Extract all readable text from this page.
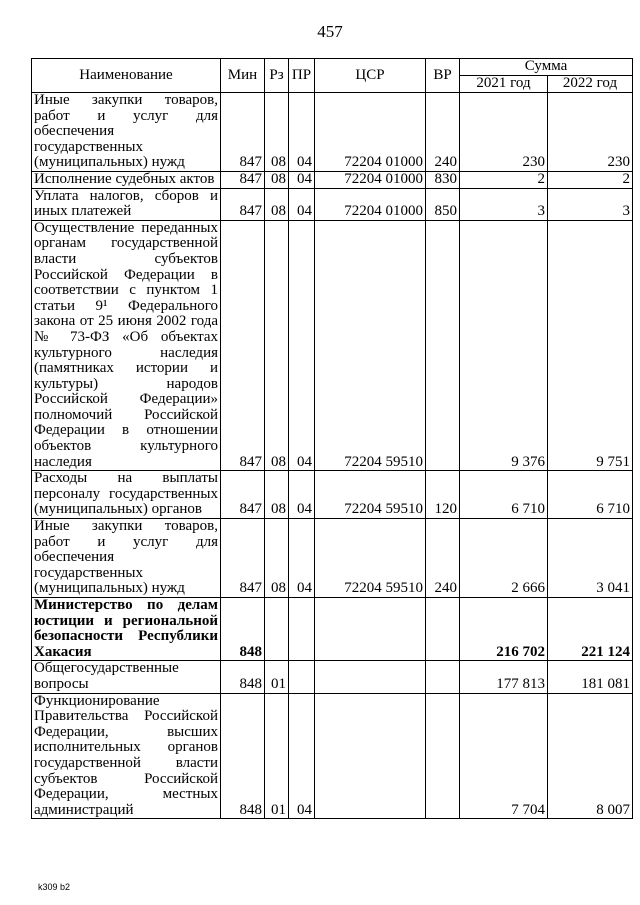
457
Наименование	Мин	Рз	ПР	ЦСР	ВР	Сумма	
						2021 год	2022 год
Иные закупки товаров, работ и услуг для обеспечения государственных (муниципальных) нужд	847	08	04	72204 01000	240	230	230
Исполнение судебных актов	847	08	04	72204 01000	830	2	2
Уплата налогов, сборов и иных платежей	847	08	04	72204 01000	850	3	3
Осуществление переданных органам государственной власти субъектов Российской Федерации в соответствии с пунктом 1 статьи 9¹ Федерального закона от 25 июня 2002 года № 73-ФЗ «Об объектах культурного наследия (памятниках истории и культуры) народов Российской Федерации» полномочий Российской Федерации в отношении объектов культурного наследия	847	08	04	72204 59510		9 376	9 751
Расходы на выплаты персоналу государственных (муниципальных) органов	847	08	04	72204 59510	120	6 710	6 710
Иные закупки товаров, работ и услуг для обеспечения государственных (муниципальных) нужд	847	08	04	72204 59510	240	2 666	3 041
Министерство по делам юстиции и региональной безопасности Республики Хакасия	848					216 702	221 124
Общегосударственные вопросы	848	01				177 813	181 081
Функционирование Правительства Российской Федерации, высших исполнительных органов государственной власти субъектов Российской Федерации, местных администраций	848	01	04			7 704	8 007
k309 b2
